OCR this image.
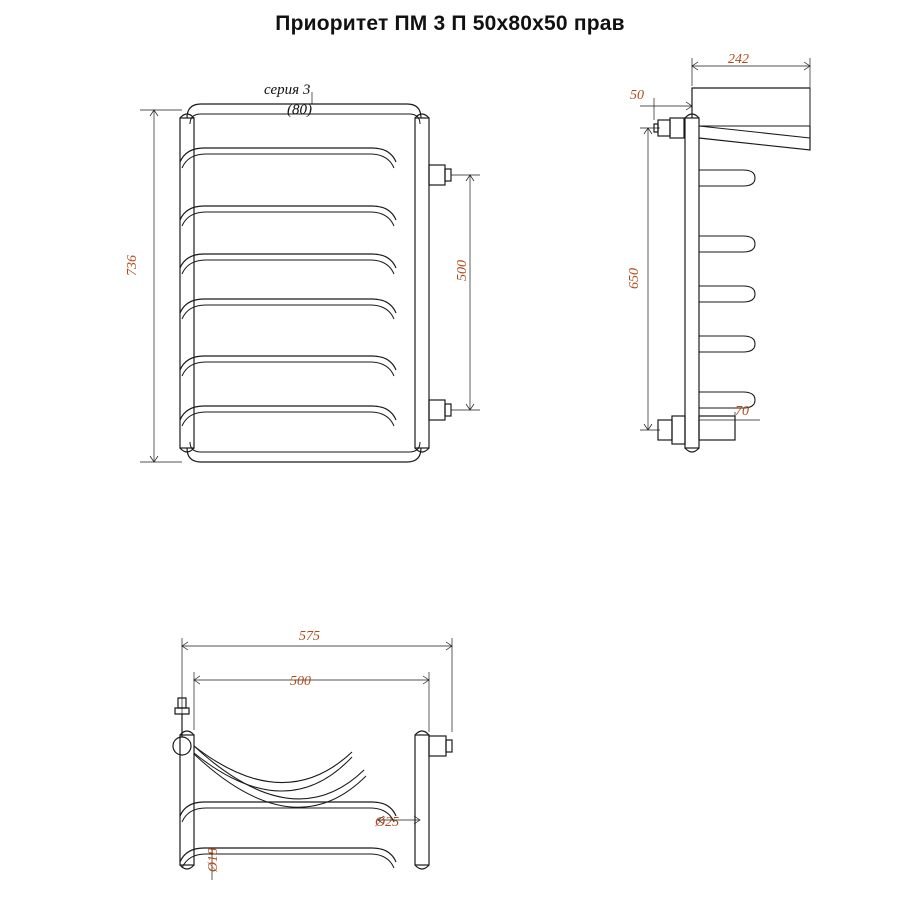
Приоритет ПМ 3 П 50х80х50 прав
736	500
серия 3
(80)
242
50
650
70
575
500
Ø25
Ø18
